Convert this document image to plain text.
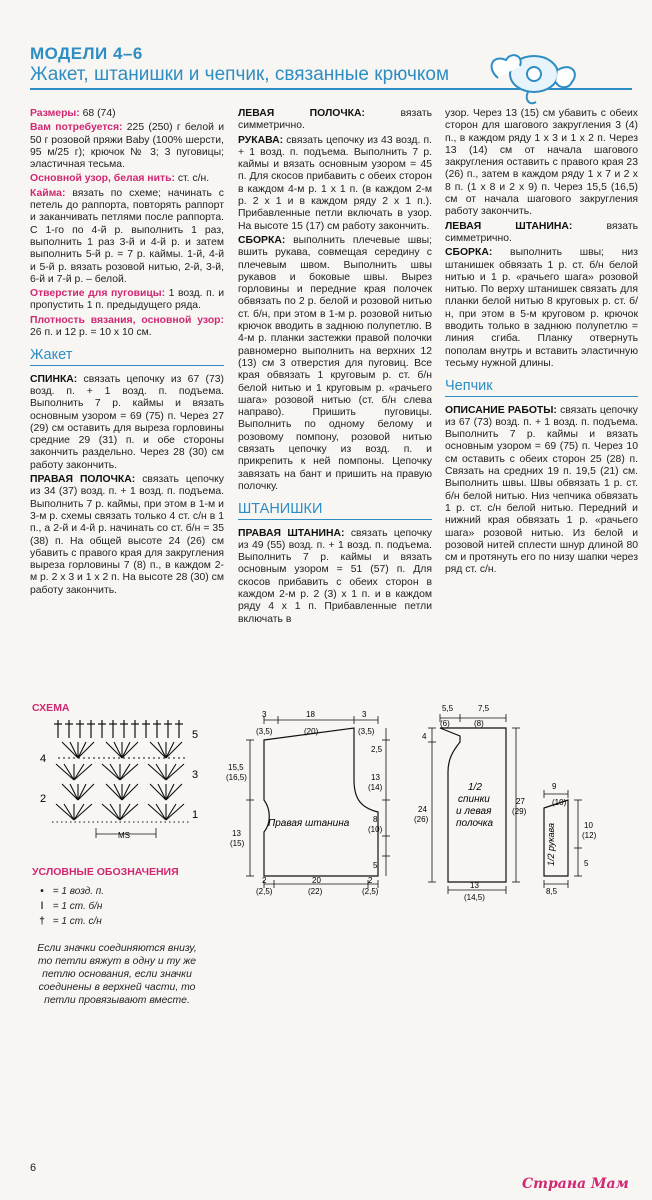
МОДЕЛИ 4–6
Жакет, штанишки и чепчик, связанные крючком

Размеры: 68 (74)

Вам потребуется: 225 (250) г белой и 50 г розовой пряжи Baby (100% шерсти, 95 м/25 г); крючок № 3; 3 пуговицы; эластичная тесьма.

Основной узор, белая нить: ст. с/н.

Кайма: вязать по схеме; начинать с петель до раппорта, повторять раппорт и заканчивать петлями после раппорта. С 1-го по 4-й р. выполнить 1 раз, выполнить 1 раз 3-й и 4-й р. и затем выполнить 5-й р. = 7 р. каймы. 1-й, 4-й и 5-й р. вязать розовой нитью, 2-й, 3-й, 6-й и 7-й р. – белой.

Отверстие для пуговицы: 1 возд. п. и пропустить 1 п. предыдущего ряда.

Плотность вязания, основной узор: 26 п. и 12 р. = 10 х 10 см.

Жакет

СПИНКА: связать цепочку из 67 (73) возд. п. + 1 возд. п. подъема. Выполнить 7 р. каймы и вязать основным узором = 69 (75) п. Через 27 (29) см оставить для выреза горловины средние 29 (31) п. и обе стороны закончить раздельно. Через 28 (30) см работу закончить.

ПРАВАЯ ПОЛОЧКА: связать цепочку из 34 (37) возд. п. + 1 возд. п. подъема. Выполнить 7 р. каймы, при этом в 1-м и 3-м р. схемы связать только 4 ст. с/н в 1 п., а 2-й и 4-й р. начинать со ст. б/н = 35 (38) п. На общей высоте 24 (26) см убавить с правого края для закругления выреза горловины 7 (8) п., в каждом 2-м р. 2 х 3 и 1 х 2 п. На высоте 28 (30) см работу закончить.

ЛЕВАЯ ПОЛОЧКА:	вязать симметрично.

РУКАВА: связать цепочку из 43 возд. п. + 1 возд. п. подъема. Выполнить 7 р. каймы и вязать основным узором = 45 п. Для скосов прибавить с обеих сторон в каждом 4-м р. 1 х 1 п. (в каждом 2-м р. 2 х 1 и в каждом ряду 2 х 1 п.). Прибавленные петли включать в узор. На высоте 15 (17) см работу закончить.

СБОРКА: выполнить плечевые швы; вшить рукава, совмещая середину с плечевым швом. Выполнить швы рукавов и боковые швы. Вырез горловины и передние края полочек обвязать по 2 р. белой и розовой нитью ст. б/н, при этом в 1-м р. розовой нитью крючок вводить в заднюю полупетлю. В 4-м р. планки застежки правой полочки равномерно выполнить на верхних 12 (13) см 3 отверстия для пуговиц. Все края обвязать 1 круговым р. ст. б/н белой нитью и 1 круговым р. «рачьего шага» розовой нитью (ст. б/н слева направо). Пришить пуговицы. Выполнить по одному белому и розовому помпону, розовой нитью связать цепочку из возд. п. и прикрепить к ней помпоны. Цепочку завязать на бант и пришить на правую полочку.

ШТАНИШКИ

ПРАВАЯ ШТАНИНА: связать цепочку из 49 (55) возд. п. + 1 возд. п. подъема. Выполнить 7 р. каймы и вязать основным узором = 51 (57) п. Для скосов прибавить с обеих сторон в каждом 2-м р. 2 (3) х 1 п. и в каждом ряду 4 х 1 п. Прибавленные петли включать в

узор. Через 13 (15) см убавить с обеих сторон для шагового закругления 3 (4) п., в каждом ряду 1 х 3 и 1 х 2 п. Через 13 (14) см от начала шагового закругления оставить с правого края 23 (26) п., затем в каждом ряду 1 х 7 и 2 х 8 п. (1 х 8 и 2 х 9) п. Через 15,5 (16,5) см от начала шагового закругления работу закончить.

ЛЕВАЯ ШТАНИНА:	вязать симметрично.

СБОРКА: выполнить швы; низ штанишек обвязать 1 р. ст. б/н белой нитью и 1 р. «рачьего шага» розовой нитью. По верху штанишек связать для планки белой нитью 8 круговых р. ст. б/н, при этом в 5-м круговом р. крючок вводить только в заднюю полупетлю = линия сгиба. Планку отвернуть пополам внутрь и вставить эластичную тесьму нужной длины.

Чепчик

ОПИСАНИЕ РАБОТЫ: связать цепочку из 67 (73) возд. п. + 1 возд. п. подъема. Выполнить 7 р. каймы и вязать основным узором = 69 (75) п. Через 10 см оставить с обеих сторон 25 (28) п. Связать на средних 19 п. 19,5 (21) см. Выполнить швы. Швы обвязать 1 р. ст. б/н белой нитью. Низ чепчика обвязать 1 р. ст. с/н белой нитью. Передний и нижний края обвязать 1 р. «рачьего шага» розовой нитью. Из белой и розовой нитей сплести шнур длиной 80 см и протянуть его по низу шапки через ряд ст. с/н.

СХЕМА
4
2
5
3
1
MS
УСЛОВНЫЕ ОБОЗНАЧЕНИЯ
• = 1 возд. п.
ǀ = 1 ст. б/н
† = 1 ст. с/н
Если значки соединяются внизу, то петли вяжут в одну и ту же петлю основания, если значки соединены в верхней части, то петли провязывают вместе.
Правая штанина
3
(3,5)
18
(20)
3
(3,5)
15,5
(16,5)
13
(15)
2,5
13
(14)
8
(10)
5
2
(2,5)
20
(22)
2
(2,5)
1/2
спинки
и левая
полочка
5,5
(6)
7,5
(8)
4
24
(26)
27
(29)
13
(14,5)
1/2 рукава
9
(10)
10
(12)
5
8,5
6
Страна Мам
